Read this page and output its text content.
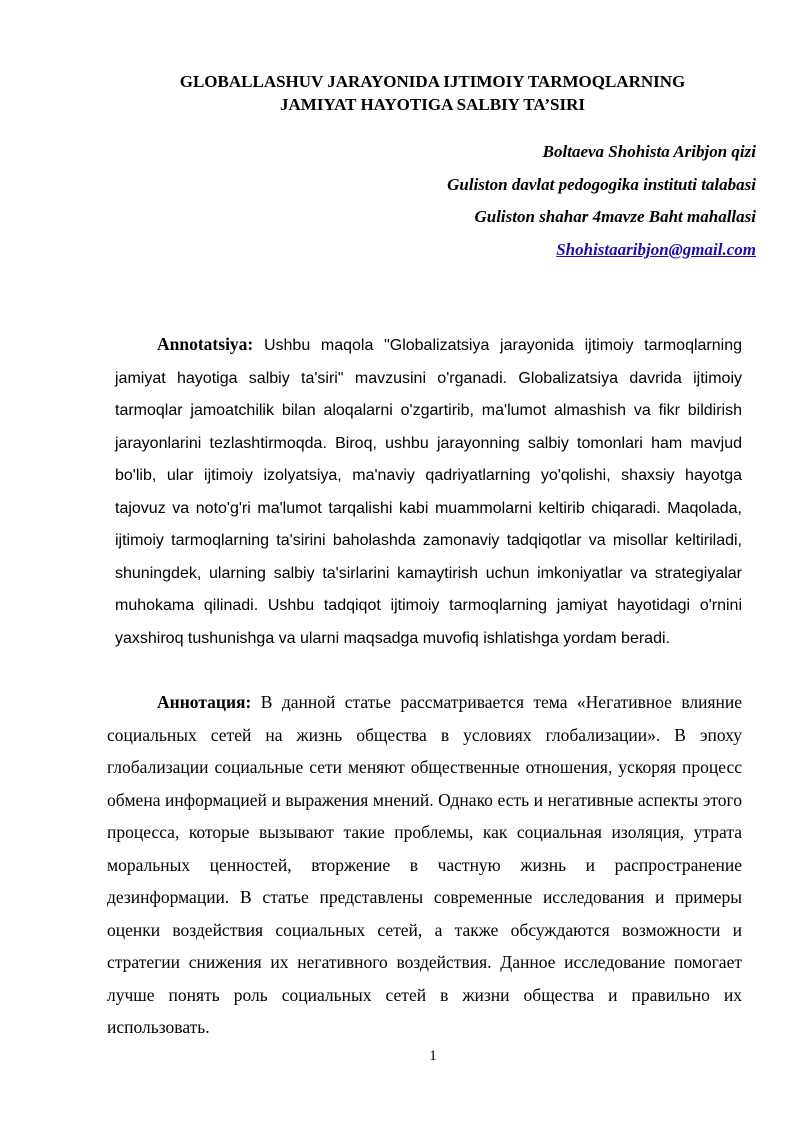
GLOBALLASHUV JARAYONIDA IJTIMOIY TARMOQLARNING
JAMIYAT HAYOTIGA SALBIY TA’SIRI

Boltaeva Shohista Aribjon qizi

Guliston davlat pedogogika instituti talabasi

Guliston shahar 4mavze Baht mahallasi

Shohistaaribjon@gmail.com

Annotatsiya: Ushbu maqola "Globalizatsiya jarayonida ijtimoiy tarmoqlarning jamiyat hayotiga salbiy ta'siri" mavzusini o'rganadi. Globalizatsiya davrida ijtimoiy tarmoqlar jamoatchilik bilan aloqalarni o'zgartirib, ma'lumot almashish va fikr bildirish jarayonlarini tezlashtirmoqda. Biroq, ushbu jarayonning salbiy tomonlari ham mavjud bo'lib, ular ijtimoiy izolyatsiya, ma'naviy qadriyatlarning yo'qolishi, shaxsiy hayotga tajovuz va noto'g'ri ma'lumot tarqalishi kabi muammolarni keltirib chiqaradi. Maqolada, ijtimoiy tarmoqlarning ta'sirini baholashda zamonaviy tadqiqotlar va misollar keltiriladi, shuningdek, ularning salbiy ta'sirlarini kamaytirish uchun imkoniyatlar va strategiyalar muhokama qilinadi. Ushbu tadqiqot ijtimoiy tarmoqlarning jamiyat hayotidagi o'rnini yaxshiroq tushunishga va ularni maqsadga muvofiq ishlatishga yordam beradi.

Аннотация: В данной статье рассматривается тема «Негативное влияние социальных сетей на жизнь общества в условиях глобализации». В эпоху глобализации социальные сети меняют общественные отношения, ускоряя процесс обмена информацией и выражения мнений. Однако есть и негативные аспекты этого процесса, которые вызывают такие проблемы, как социальная изоляция, утрата моральных ценностей, вторжение в частную жизнь и распространение дезинформации. В статье представлены современные исследования и примеры оценки воздействия социальных сетей, а также обсуждаются возможности и стратегии снижения их негативного воздействия. Данное исследование помогает лучше понять роль социальных сетей в жизни общества и правильно их использовать.

1
